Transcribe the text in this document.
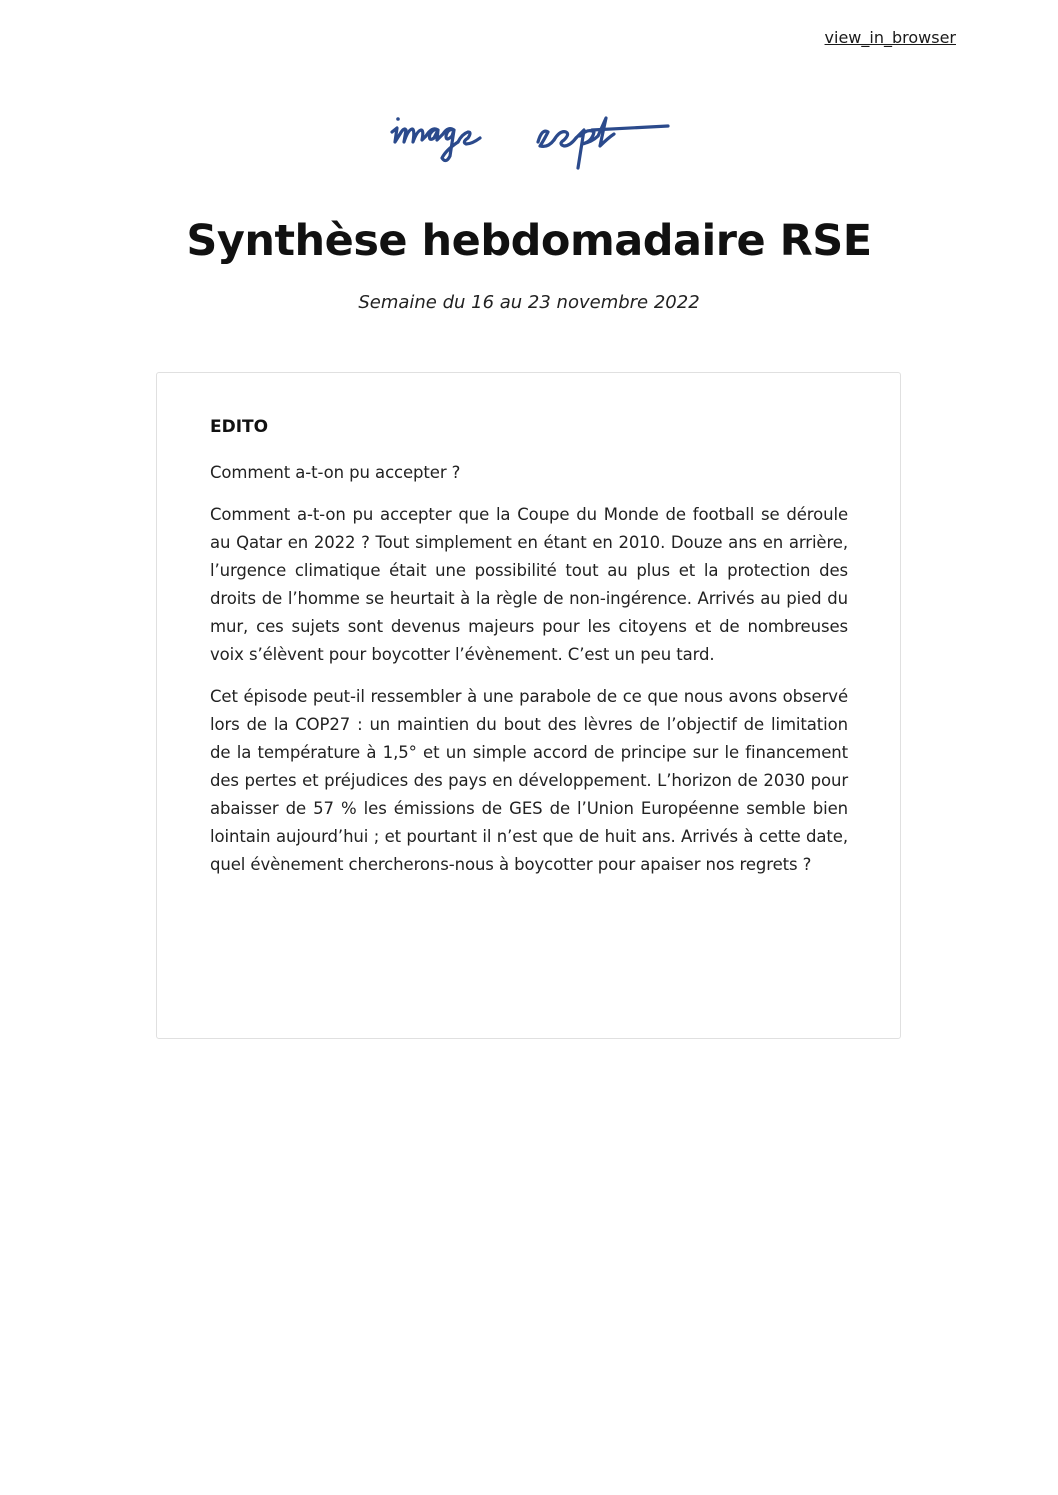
view_in_browser
Synthèse hebdomadaire RSE
Semaine du 16 au 23 novembre 2022

EDITO

Comment a-t-on pu accepter ?

Comment a-t-on pu accepter que la Coupe du Monde de football se déroule au Qatar en 2022 ? Tout simplement en étant en 2010. Douze ans en arrière, l’urgence climatique était une possibilité tout au plus et la protection des droits de l’homme se heurtait à la règle de non-ingérence. Arrivés au pied du mur, ces sujets sont devenus majeurs pour les citoyens et de nombreuses voix s’élèvent pour boycotter l’évènement. C’est un peu tard.

Cet épisode peut-il ressembler à une parabole de ce que nous avons observé lors de la COP27 : un maintien du bout des lèvres de l’objectif de limitation de la température à 1,5° et un simple accord de principe sur le financement des pertes et préjudices des pays en développement. L’horizon de 2030 pour abaisser de 57 % les émissions de GES de l’Union Européenne semble bien lointain aujourd’hui ; et pourtant il n’est que de huit ans. Arrivés à cette date, quel évènement chercherons-nous à boycotter pour apaiser nos regrets ?
